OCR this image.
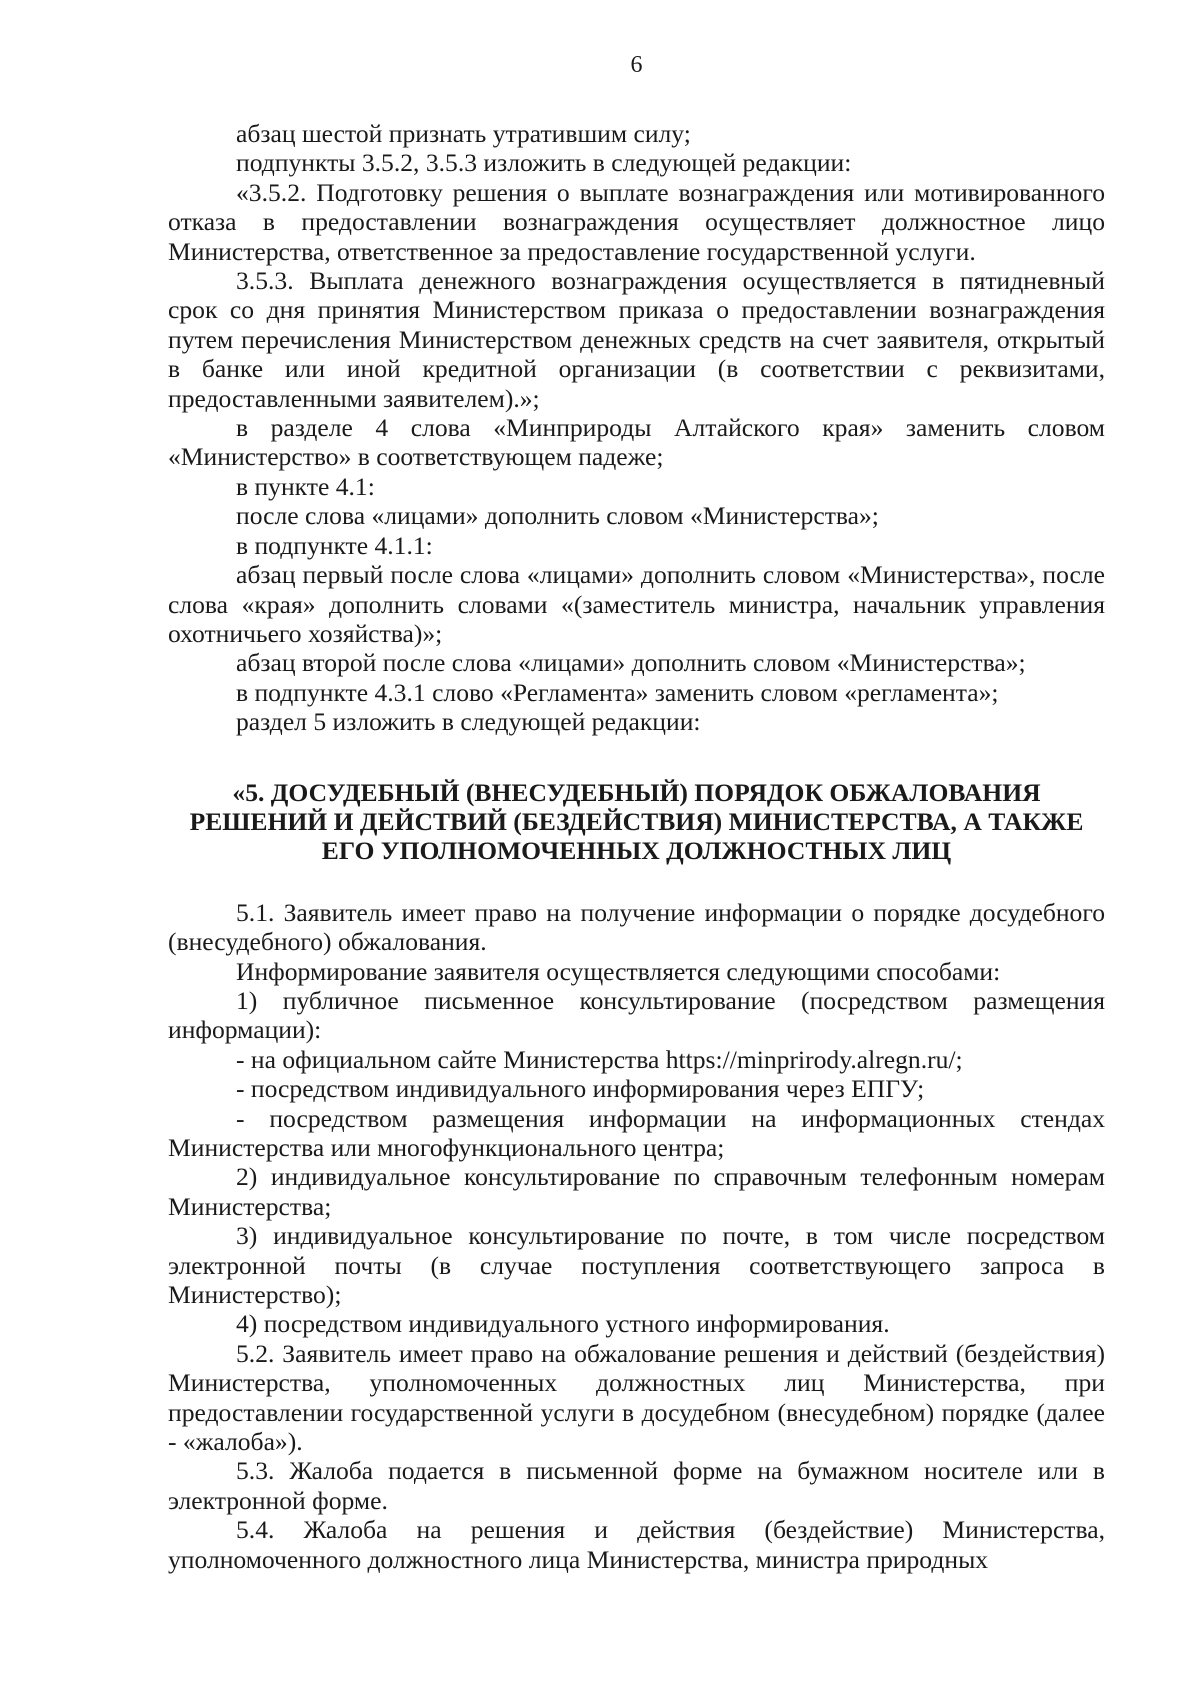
6

абзац шестой признать утратившим силу;

подпункты 3.5.2, 3.5.3 изложить в следующей редакции:

«3.5.2. Подготовку решения о выплате вознаграждения или мотивированного отказа в предоставлении вознаграждения осуществляет должностное лицо Министерства, ответственное за предоставление государственной услуги.

3.5.3. Выплата денежного вознаграждения осуществляется в пятидневный срок со дня принятия Министерством приказа о предоставлении вознаграждения путем перечисления Министерством денежных средств на счет заявителя, открытый в банке или иной кредитной организации (в соответствии с реквизитами, предоставленными заявителем).»;

в разделе 4 слова «Минприроды Алтайского края» заменить словом «Министерство» в соответствующем падеже;

в пункте 4.1:

после слова «лицами» дополнить словом «Министерства»;

в подпункте 4.1.1:

абзац первый после слова «лицами» дополнить словом «Министерства», после слова «края» дополнить словами «(заместитель министра, начальник управления охотничьего хозяйства)»;

абзац второй после слова «лицами» дополнить словом «Министерства»;

в подпункте 4.3.1 слово «Регламента» заменить словом «регламента»;

раздел 5 изложить в следующей редакции:

«5. ДОСУДЕБНЫЙ (ВНЕСУДЕБНЫЙ) ПОРЯДОК ОБЖАЛОВАНИЯ
РЕШЕНИЙ И ДЕЙСТВИЙ (БЕЗДЕЙСТВИЯ) МИНИСТЕРСТВА, А ТАКЖЕ
ЕГО УПОЛНОМОЧЕННЫХ ДОЛЖНОСТНЫХ ЛИЦ

5.1. Заявитель имеет право на получение информации о порядке досудебного (внесудебного) обжалования.

Информирование заявителя осуществляется следующими способами:

1) публичное письменное консультирование (посредством размещения информации):

- на официальном сайте Министерства https://minprirody.alregn.ru/;

- посредством индивидуального информирования через ЕПГУ;

- посредством размещения информации на информационных стендах Министерства или многофункционального центра;

2) индивидуальное консультирование по справочным телефонным номерам Министерства;

3) индивидуальное консультирование по почте, в том числе посредством электронной почты (в случае поступления соответствующего запроса в Министерство);

4) посредством индивидуального устного информирования.

5.2. Заявитель имеет право на обжалование решения и действий (бездействия) Министерства, уполномоченных должностных лиц Министерства, при предоставлении государственной услуги в досудебном (внесудебном) порядке (далее - «жалоба»).

5.3. Жалоба подается в письменной форме на бумажном носителе или в электронной форме.

5.4. Жалоба на решения и действия (бездействие) Министерства, уполномоченного должностного лица Министерства, министра природных
